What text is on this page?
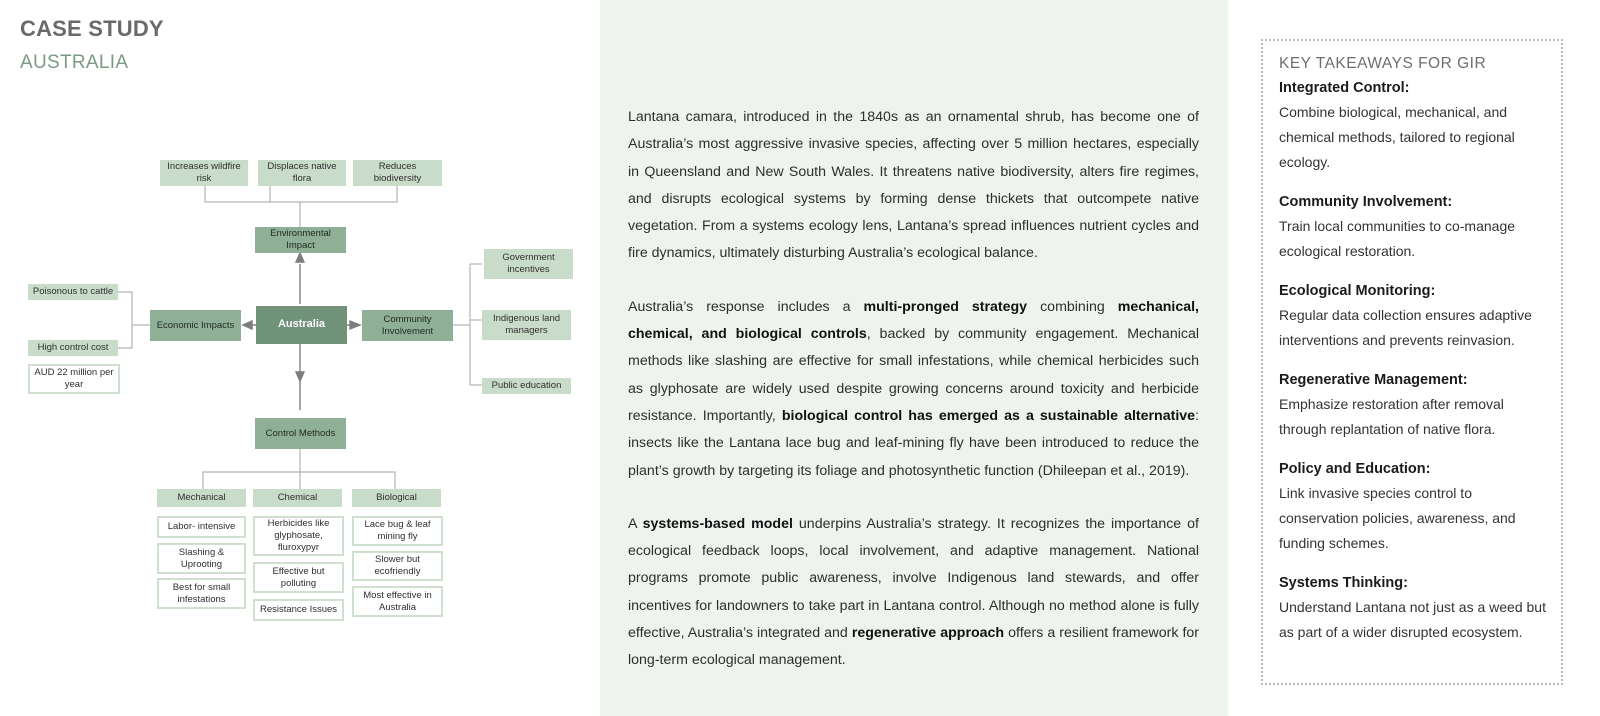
CASE STUDY
AUSTRALIA
Increases wildfire risk
Displaces native flora
Reduces biodiversity
Environmental Impact
Poisonous to cattle
High control cost
AUD 22 million per year
Economic Impacts	Australia	Community Involvement
Government incentives
Indigenous land managers
Public education
Control Methods
Mechanical	Chemical	Biological
Labor- intensive
Slashing & Uprooting
Best for small infestations
Herbicides like glyphosate, fluroxypyr
Effective but polluting
Resistance Issues
Lace bug & leaf mining fly
Slower but ecofriendly
Most effective in Australia

Lantana camara, introduced in the 1840s as an ornamental shrub, has become one of Australia’s most aggressive invasive species, affecting over 5 million hectares, especially in Queensland and New South Wales. It threatens native biodiversity, alters fire regimes, and disrupts ecological systems by forming dense thickets that outcompete native vegetation. From a systems ecology lens, Lantana’s spread influences nutrient cycles and fire dynamics, ultimately disturbing Australia’s ecological balance.

Australia’s response includes a multi-pronged strategy combining mechanical, chemical, and biological controls, backed by community engagement. Mechanical methods like slashing are effective for small infestations, while chemical herbicides such as glyphosate are widely used despite growing concerns around toxicity and herbicide resistance. Importantly, biological control has emerged as a sustainable alternative: insects like the Lantana lace bug and leaf-mining fly have been introduced to reduce the plant’s growth by targeting its foliage and photosynthetic function (Dhileepan et al., 2019).

A systems-based model underpins Australia’s strategy. It recognizes the importance of ecological feedback loops, local involvement, and adaptive management. National programs promote public awareness, involve Indigenous land stewards, and offer incentives for landowners to take part in Lantana control. Although no method alone is fully effective, Australia’s integrated and regenerative approach offers a resilient framework for long-term ecological management.

KEY TAKEAWAYS FOR GIR
Integrated Control:
Combine biological, mechanical, and chemical methods, tailored to regional ecology.
Community Involvement:
Train local communities to co-manage ecological restoration.
Ecological Monitoring:
Regular data collection ensures adaptive interventions and prevents reinvasion.
Regenerative Management:
Emphasize restoration after removal through replantation of native flora.
Policy and Education:
Link invasive species control to conservation policies, awareness, and funding schemes.
Systems Thinking:
Understand Lantana not just as a weed but as part of a wider disrupted ecosystem.
